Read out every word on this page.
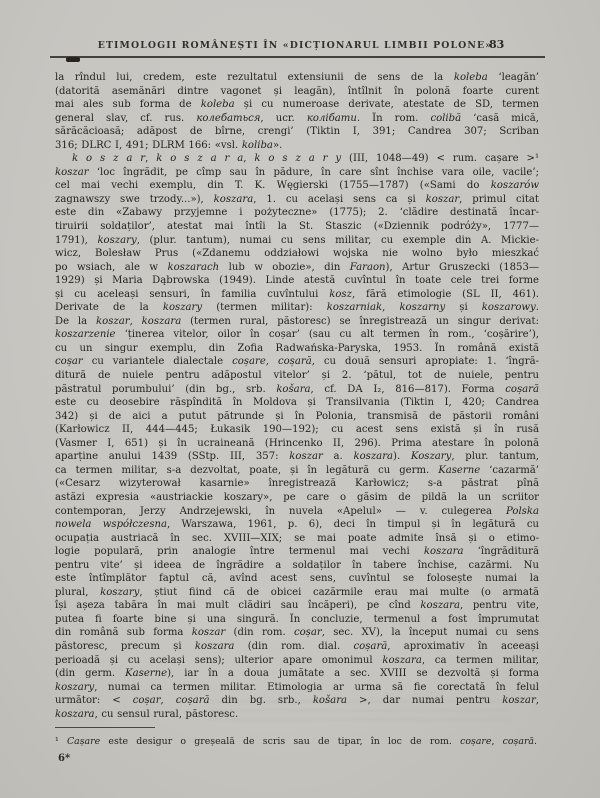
ETIMOLOGII ROMÂNEȘTI ÎN «DICȚIONARUL LIMBII POLONE»
83
la rîndul lui, credem, este rezultatul extensiunii de sens de la koleba ‘leagăn’
(datorită asemănări dintre vagonet și leagăn), întîlnit în polonă foarte curent
mai ales sub forma de koleba și cu numeroase derivate, atestate de SD, termen
general slav, cf. rus. колебаться, ucr. колібати. În rom. colibă ‘casă mică,
sărăcăcioasă; adăpost de bîrne, crengi’ (Tiktin I, 391; Candrea 307; Scriban
316; DLRC I, 491; DLRM 166: «vsl. koliba».
k o s z a r, k o s z a r a, k o s z a r y (III, 1048—49) < rum. cașare >¹
koszar ‘loc îngrădit, pe cîmp sau în pădure, în care sînt închise vara oile, vacile’;
cel mai vechi exemplu, din T. K. Węgierski (1755—1787) («Sami do koszarów
zagnawszy swe trzody...»), koszara, 1. cu același sens ca și koszar, primul citat
este din «Zabawy przyjemne i pożyteczne» (1775); 2. ‘clădire destinată încar-
tiruirii soldaților’, atestat mai întîi la St. Staszic («Dziennik podróży», 1777—
1791), koszary, (plur. tantum), numai cu sens militar, cu exemple din A. Mickie-
wicz, Bolesław Prus («Zdanemu oddziałowi wojska nie wolno było mieszkać
po wsiach, ale w koszarach lub w obozie», din Faraon), Artur Gruszecki (1853—
1929) și Maria Dąbrowska (1949). Linde atestă cuvîntul în toate cele trei forme
și cu aceleași sensuri, în familia cuvîntului kosz, fără etimologie (SL II, 461).
Derivate de la koszary (termen militar): koszarniak, koszarny și koszarowy.
De la koszar, koszara (termen rural, păstoresc) se înregistrează un singur derivat:
koszarzenie ‘ținerea vitelor, oilor în coșar’ (sau cu alt termen în rom., ‘coșărire’),
cu un singur exemplu, din Zofia Radwańska-Paryska, 1953. În română există
coșar cu variantele dialectale coșare, coșară, cu două sensuri apropiate: 1. ‘îngră-
ditură de nuiele pentru adăpostul vitelor’ și 2. ‘pătul, tot de nuiele, pentru
păstratul porumbului’ (din bg., srb. košara, cf. DA I₂, 816—817). Forma coșară
este cu deosebire răspîndită în Moldova și Transilvania (Tiktin I, 420; Candrea
342) și de aici a putut pătrunde și în Polonia, transmisă de păstorii români
(Karłowicz II, 444—445; Łukasik 190—192); cu acest sens există și în rusă
(Vasmer I, 651) și în ucraineană (Hrincenko II, 296). Prima atestare în polonă
aparține anului 1439 (SStp. III, 357: koszar a. koszara). Koszary, plur. tantum,
ca termen militar, s-a dezvoltat, poate, și în legătură cu germ. Kaserne ‘cazarmă’
(«Cesarz wizyterował kasarnie» înregistrează Karłowicz; s-a păstrat pînă
astăzi expresia «austriackie koszary», pe care o găsim de pildă la un scriitor
contemporan, Jerzy Andrzejewski, în nuvela «Apelul» — v. culegerea Polska
nowela współczesna, Warszawa, 1961, p. 6), deci în timpul și în legătură cu
ocupația austriacă în sec. XVIII—XIX; se mai poate admite însă și o etimo-
logie populară, prin analogie între termenul mai vechi koszara ‘îngrăditură
pentru vite’ și ideea de îngrădire a soldaților în tabere închise, cazărmi. Nu
este întîmplător faptul că, avînd acest sens, cuvîntul se folosește numai la
plural, koszary, știut fiind că de obicei cazărmile erau mai multe (o armată
își așeza tabăra în mai mult clădiri sau încăperi), pe cînd koszara, pentru vite,
putea fi foarte bine și una singură. În concluzie, termenul a fost împrumutat
din română sub forma koszar (din rom. coșar, sec. XV), la început numai cu sens
păstoresc, precum și koszara (din rom. dial. coșară, aproximativ în aceeași
perioadă și cu același sens); ulterior apare omonimul koszara, ca termen militar,
(din germ. Kaserne), iar în a doua jumătate a sec. XVIII se dezvoltă și forma
koszary, numai ca termen militar. Etimologia ar urma să fie corectată în felul
următor: < coșar, coșară din bg. srb., košara >, dar numai pentru koszar,
koszara, cu sensul rural, păstoresc.
¹ Cașare este desigur o greșeală de scris sau de tipar, în loc de rom. coșare, coșară.
6*
